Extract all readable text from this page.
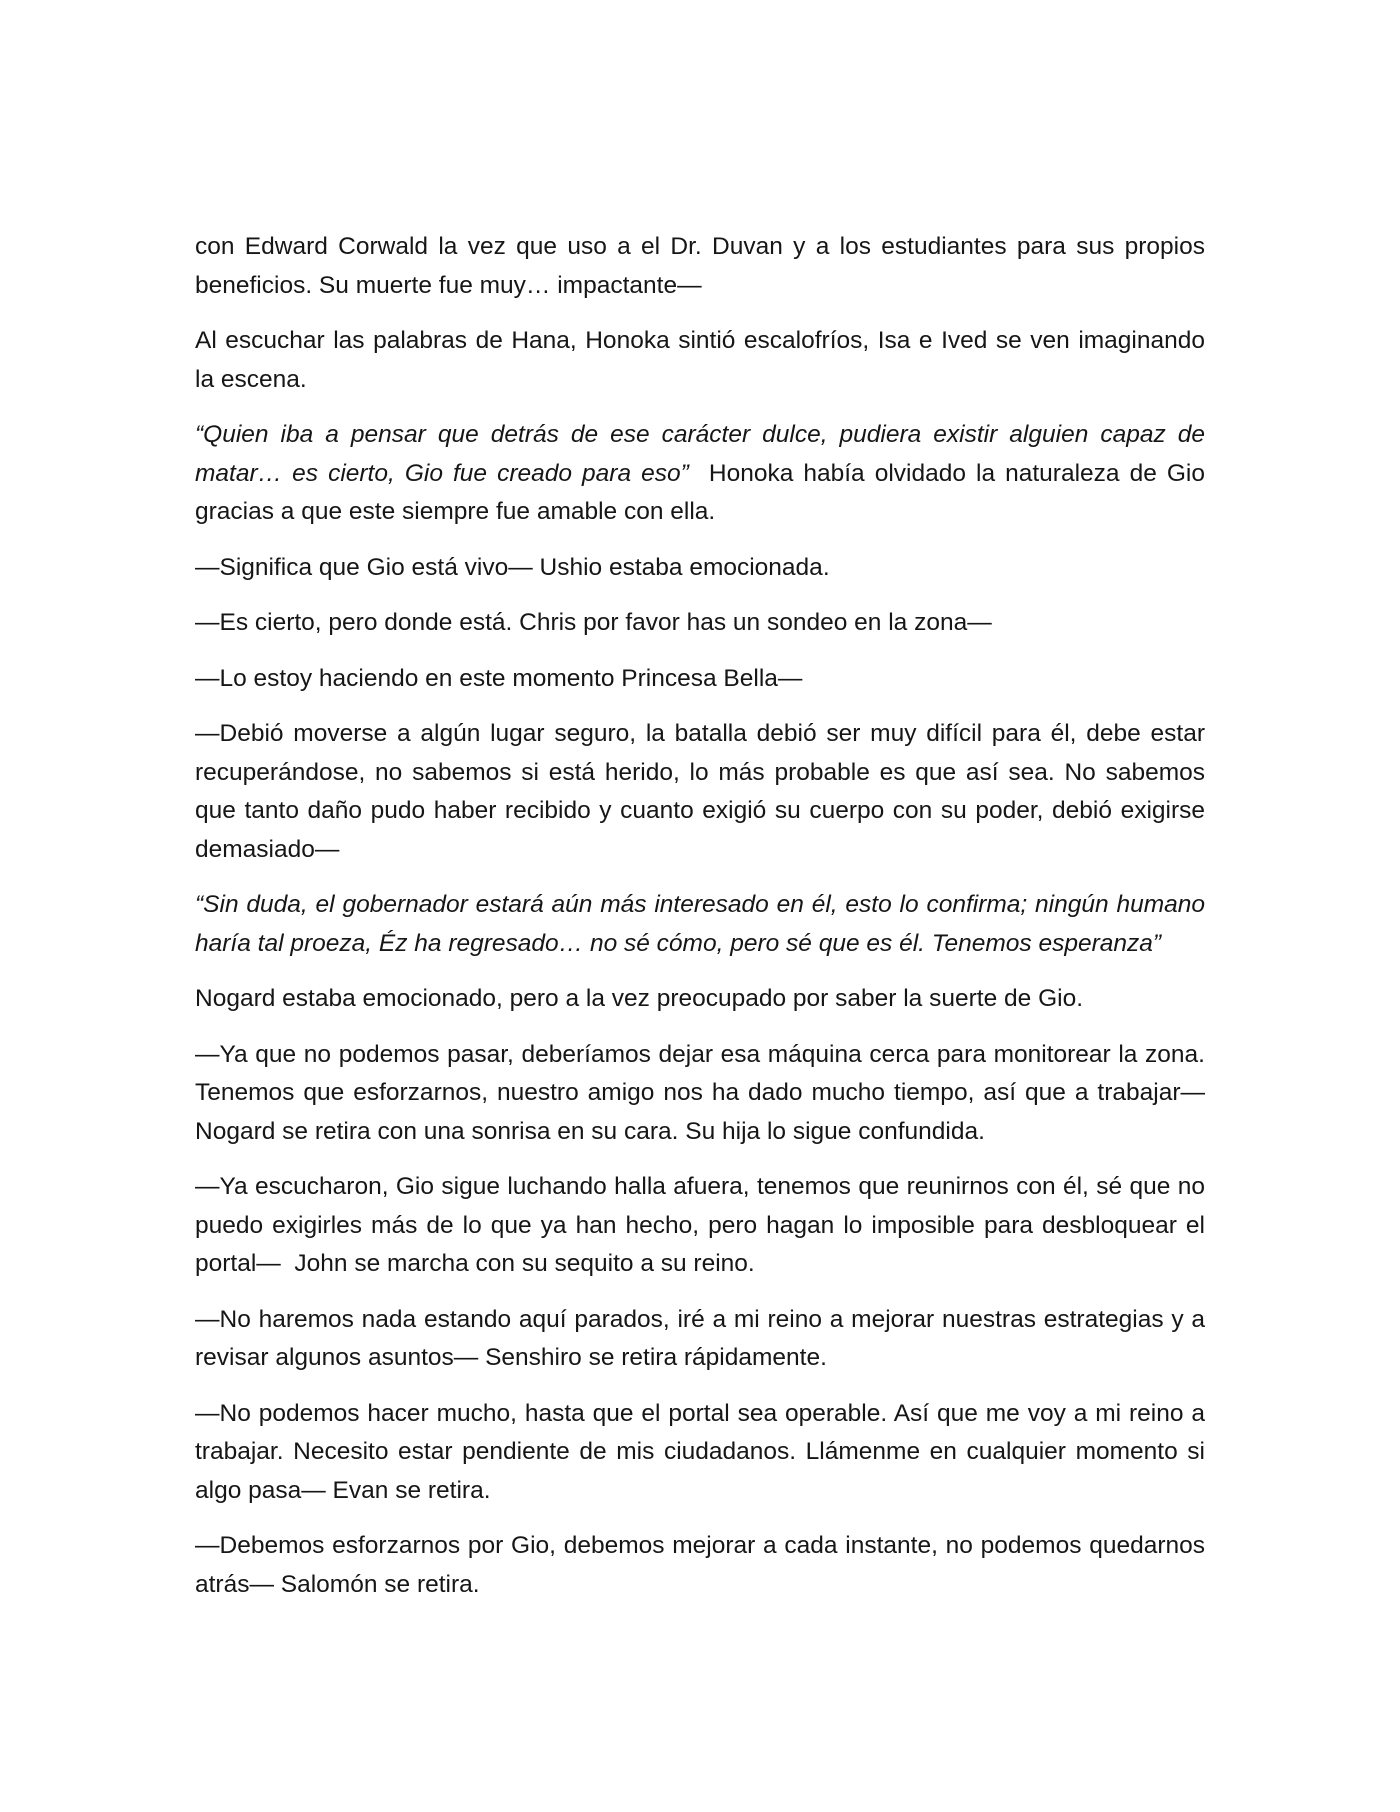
con Edward Corwald la vez que uso a el Dr. Duvan y a los estudiantes para sus propios beneficios. Su muerte fue muy… impactante—

Al escuchar las palabras de Hana, Honoka sintió escalofríos, Isa e Ived se ven imaginando la escena.

“Quien iba a pensar que detrás de ese carácter dulce, pudiera existir alguien capaz de matar… es cierto, Gio fue creado para eso”  Honoka había olvidado la naturaleza de Gio gracias a que este siempre fue amable con ella.

—Significa que Gio está vivo— Ushio estaba emocionada.

—Es cierto, pero donde está. Chris por favor has un sondeo en la zona—

—Lo estoy haciendo en este momento Princesa Bella—

—Debió moverse a algún lugar seguro, la batalla debió ser muy difícil para él, debe estar recuperándose, no sabemos si está herido, lo más probable es que así sea. No sabemos que tanto daño pudo haber recibido y cuanto exigió su cuerpo con su poder, debió exigirse demasiado—

“Sin duda, el gobernador estará aún más interesado en él, esto lo confirma; ningún humano haría tal proeza, Éz ha regresado… no sé cómo, pero sé que es él. Tenemos esperanza”

Nogard estaba emocionado, pero a la vez preocupado por saber la suerte de Gio.

—Ya que no podemos pasar, deberíamos dejar esa máquina cerca para monitorear la zona. Tenemos que esforzarnos, nuestro amigo nos ha dado mucho tiempo, así que a trabajar—Nogard se retira con una sonrisa en su cara. Su hija lo sigue confundida.

—Ya escucharon, Gio sigue luchando halla afuera, tenemos que reunirnos con él, sé que no puedo exigirles más de lo que ya han hecho, pero hagan lo imposible para desbloquear el portal—  John se marcha con su sequito a su reino.

—No haremos nada estando aquí parados, iré a mi reino a mejorar nuestras estrategias y a revisar algunos asuntos— Senshiro se retira rápidamente.

—No podemos hacer mucho, hasta que el portal sea operable. Así que me voy a mi reino a trabajar. Necesito estar pendiente de mis ciudadanos. Llámenme en cualquier momento si algo pasa— Evan se retira.

—Debemos esforzarnos por Gio, debemos mejorar a cada instante, no podemos quedarnos atrás— Salomón se retira.
